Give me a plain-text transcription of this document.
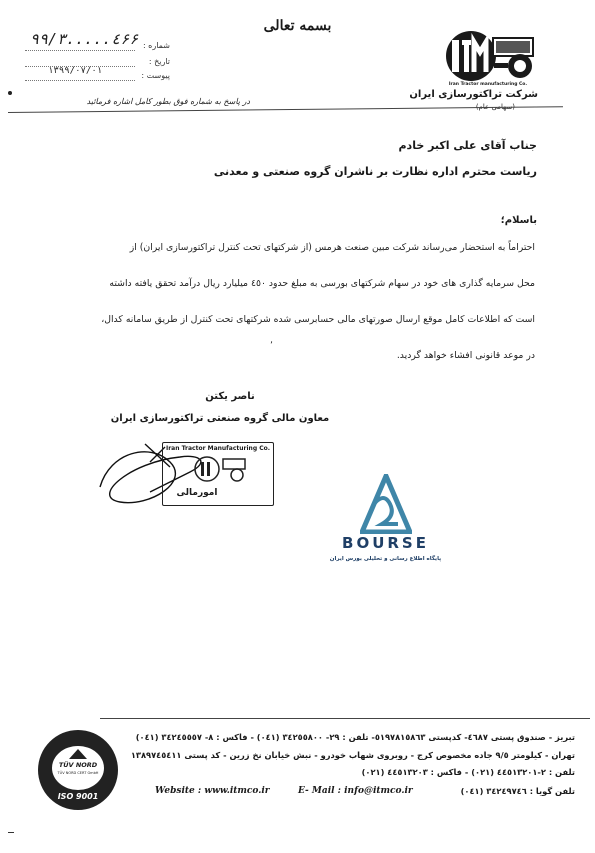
بسمه تعالی
شماره :
٤.....٩٩/٣۶۶
تاریخ :
پیوست :
۱۳۹۹/۰۷/۰۱
در پاسخ به شماره فوق بطور کامل اشاره فرمائید
Iran Tractor manufacturing Co.
شرکت تراکتورسازی ایران
(سهامی عام)
جناب آقای علی اکبر خادم
ریاست محترم اداره نظارت بر ناشران گروه صنعتی و معدنی
باسلام؛
احتراماً به استحضار می‌رساند شرکت مبین صنعت هرمس (از شرکتهای تحت کنترل تراکتورسازی ایران) از
محل سرمایه گذاری های خود در سهام شرکتهای بورسی به مبلغ حدود ٤٥٠ میلیارد ریال درآمد تحقق یافته داشته
است که اطلاعات کامل موقع ارسال صورتهای مالی حسابرسی شده شرکتهای تحت کنترل از طریق سامانه کدال،
در موعد قانونی افشاء خواهد گردید.
٬
ناصر یکتن
معاون مالی گروه صنعتی تراکتورسازی ایران
Iran Tractor Manufacturing Co.
امورمالی
BOURSE
پایگاه اطلاع رسانی و تحلیلی بورس ایران
تبریز - صندوق پستی ٤٦٨٧- کدپستی ٥١٩٧٨١٥٨٦٣- تلفن : ٢٩- ٣٤٢٥٥٨٠٠ (٠٤١) - فاکس : ٨- ٣٤٢٤٥٥٥٧ (٠٤١)
تهران - کیلومتر ٩/٥ جاده مخصوص کرج - روبروی شهاب خودرو - نبش خیابان نخ زرین - کد پستی ١٣٨٩٧٤٥٤١١
تلفن : ٢-٤٤٥١٣٢٠١ (٠٢١) - فاکس : ٤٤٥١٣٢٠٣ (٠٢١)
تلفن گویا : ٣٤٢٤٩٧٤٦ (٠٤١)
Website : www.itmco.ir	E- Mail : info@itmco.ir
TÜV NORD
TÜV NORD CERT GmbH
ISO 9001
